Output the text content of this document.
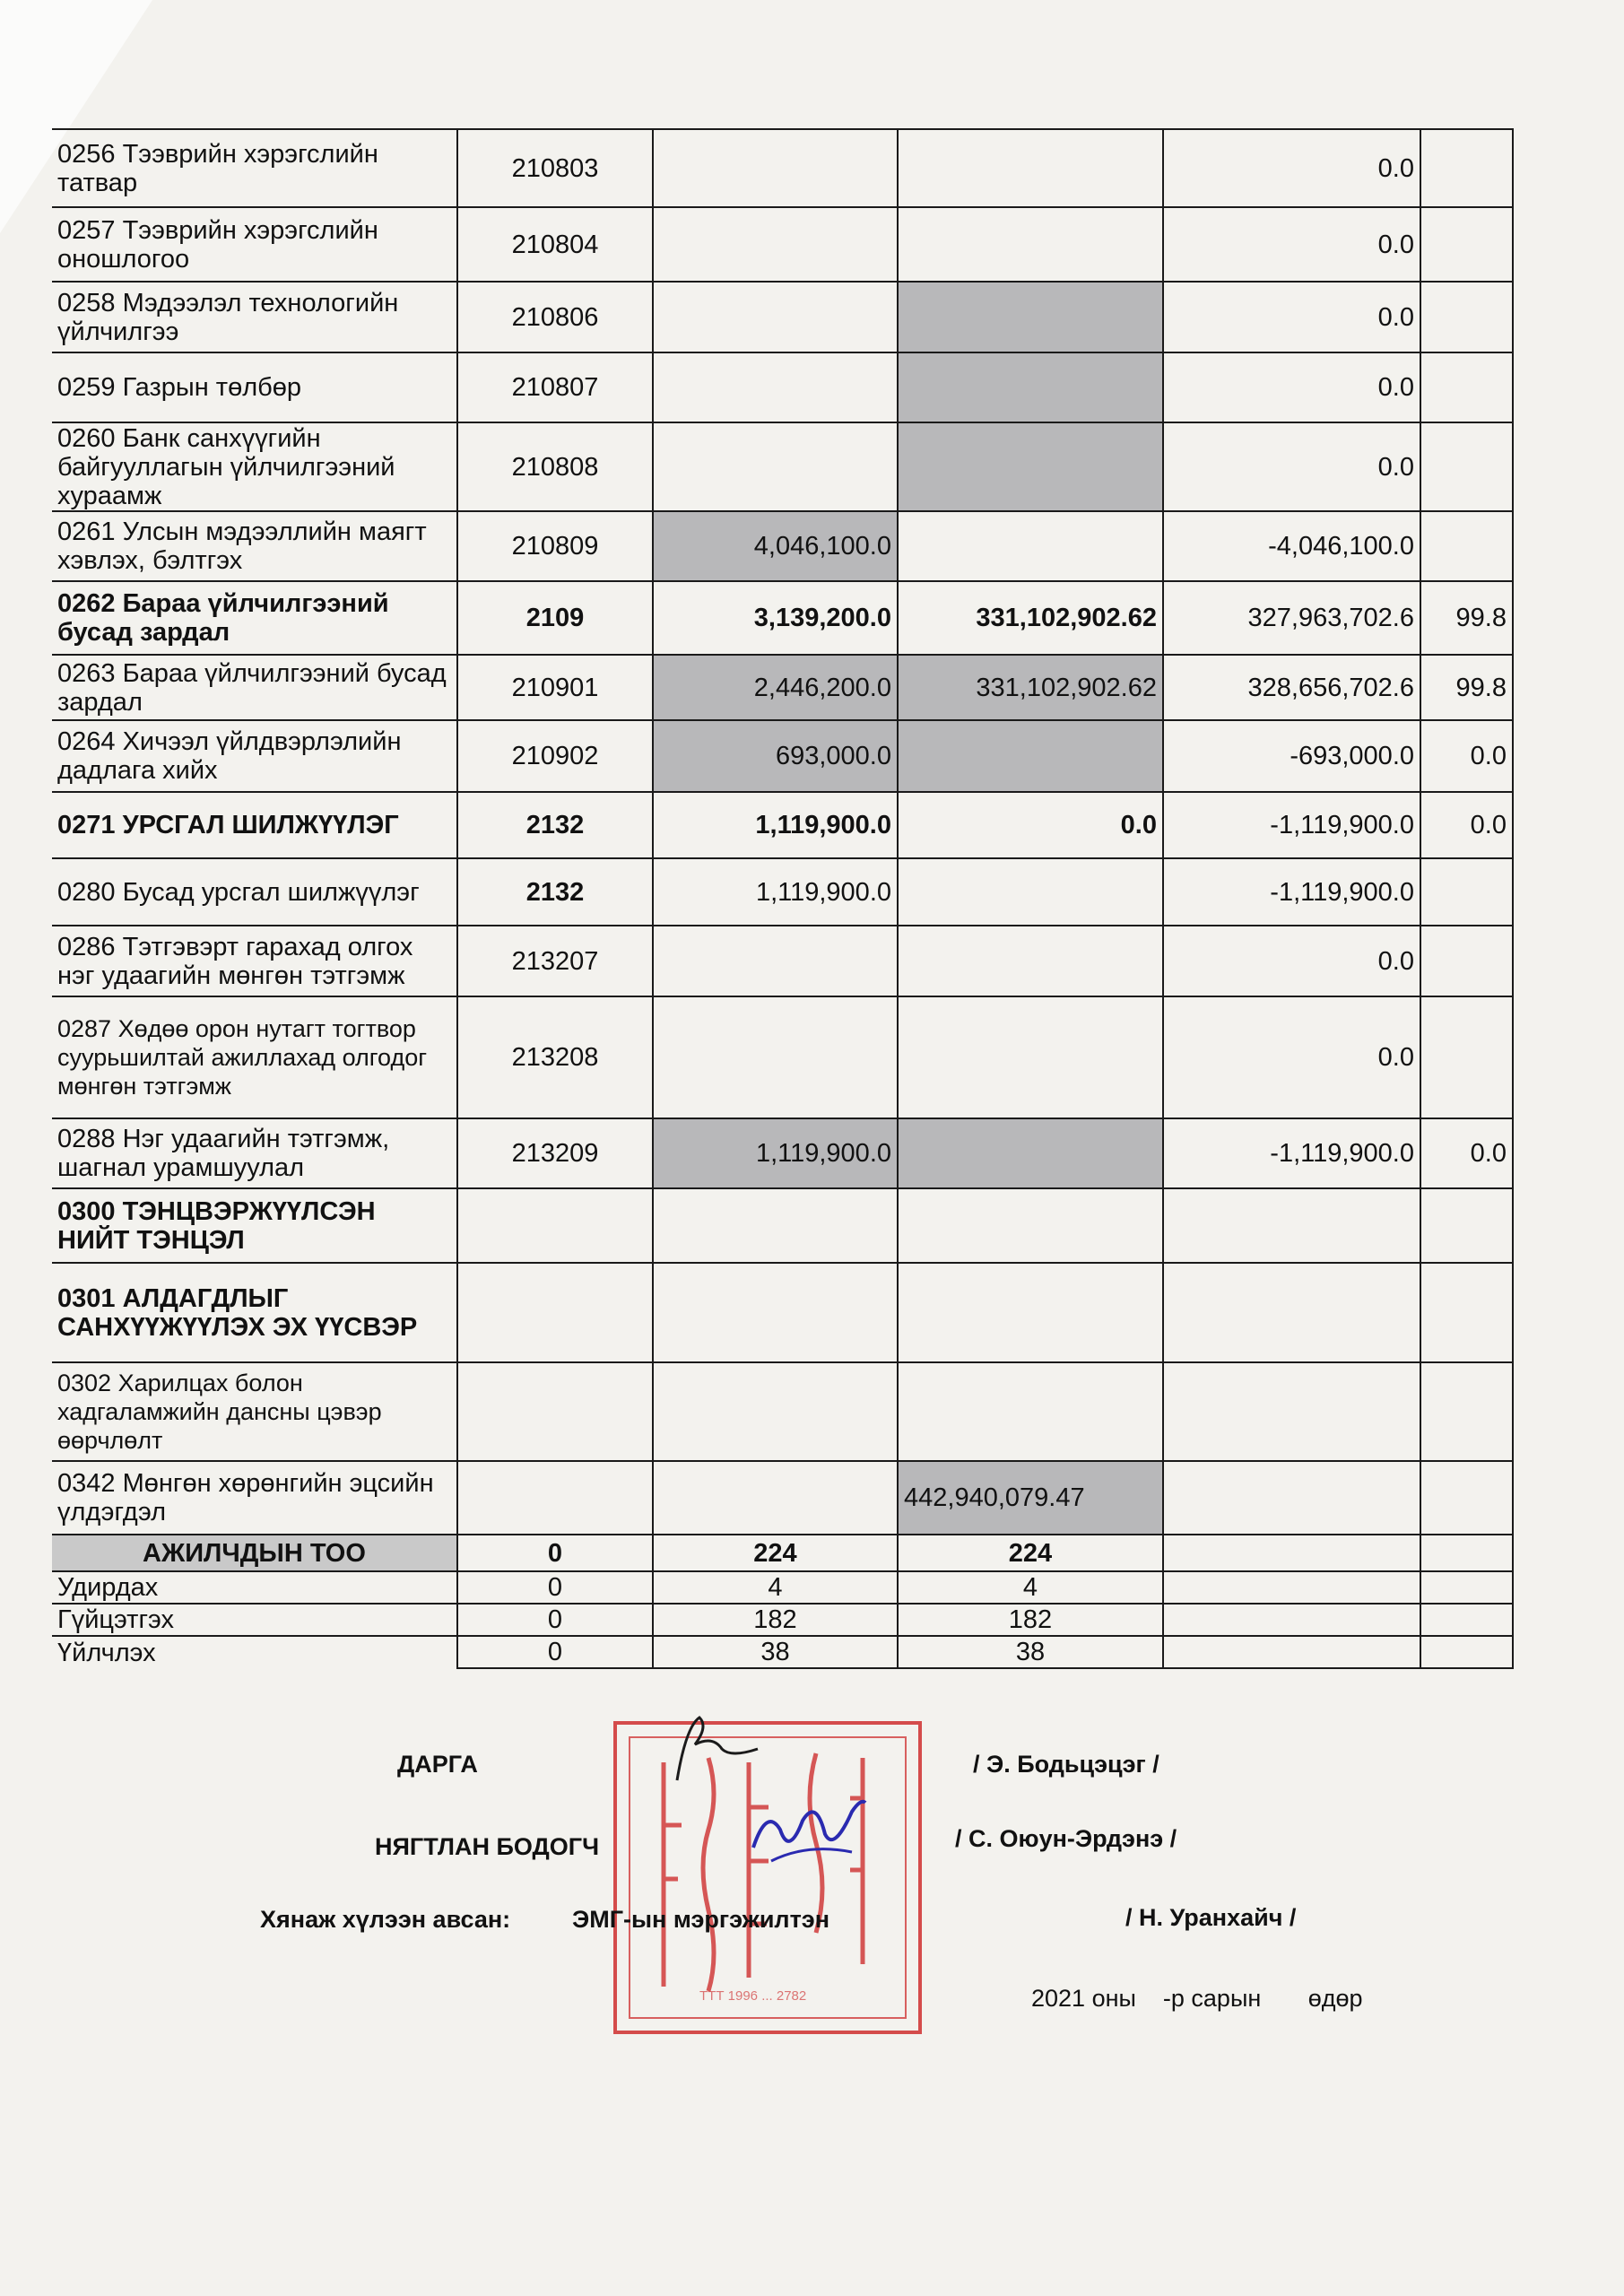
0256 Тээврийн хэрэгслийн татвар	210803			0.0	
0257 Тээврийн хэрэгслийн оношлогоо	210804			0.0	
0258 Мэдээлэл технологийн үйлчилгээ	210806			0.0	
0259 Газрын төлбөр	210807			0.0	
0260 Банк санхүүгийн байгууллагын үйлчилгээний хураамж	210808			0.0	
0261 Улсын мэдээллийн маягт хэвлэх, бэлтгэх	210809	4,046,100.0		-4,046,100.0	
0262 Бараа үйлчилгээний бусад зардал	2109	3,139,200.0	331,102,902.62	327,963,702.6	99.8
0263 Бараа үйлчилгээний бусад зардал	210901	2,446,200.0	331,102,902.62	328,656,702.6	99.8
0264 Хичээл үйлдвэрлэлийн дадлага хийх	210902	693,000.0		-693,000.0	0.0
0271 УРСГАЛ ШИЛЖҮҮЛЭГ	2132	1,119,900.0	0.0	-1,119,900.0	0.0
0280 Бусад урсгал шилжүүлэг	2132	1,119,900.0		-1,119,900.0	
0286 Тэтгэвэрт гарахад олгох нэг удаагийн мөнгөн тэтгэмж	213207			0.0	
0287 Хөдөө орон нутагт тогтвор суурьшилтай ажиллахад олгодог мөнгөн тэтгэмж	213208			0.0	
0288 Нэг удаагийн тэтгэмж, шагнал урамшуулал	213209	1,119,900.0		-1,119,900.0	0.0
0300 ТЭНЦВЭРЖҮҮЛСЭН НИЙТ ТЭНЦЭЛ					
0301 АЛДАГДЛЫГ САНХҮҮЖҮҮЛЭХ ЭХ ҮҮСВЭР					
0302 Харилцах болон хадгаламжийн дансны цэвэр өөрчлөлт					
0342 Мөнгөн хөрөнгийн эцсийн үлдэгдэл			442,940,079.47		
АЖИЛЧДЫН ТОО	0	224	224		
Удирдах	0	4	4		
Гүйцэтгэх	0	182	182		
Үйлчлэх	0	38	38		
ТТТ 1996 ... 2782
ДАРГА	/ Э. Бодьцэцэг /
НЯГТЛАН БОДОГЧ	/ С. Оюун-Эрдэнэ /
Хянаж хүлээн авсан:	ЭМГ-ын мэргэжилтэн	/ Н. Уранхайч /
2021 оны    -р сарын       өдөр
